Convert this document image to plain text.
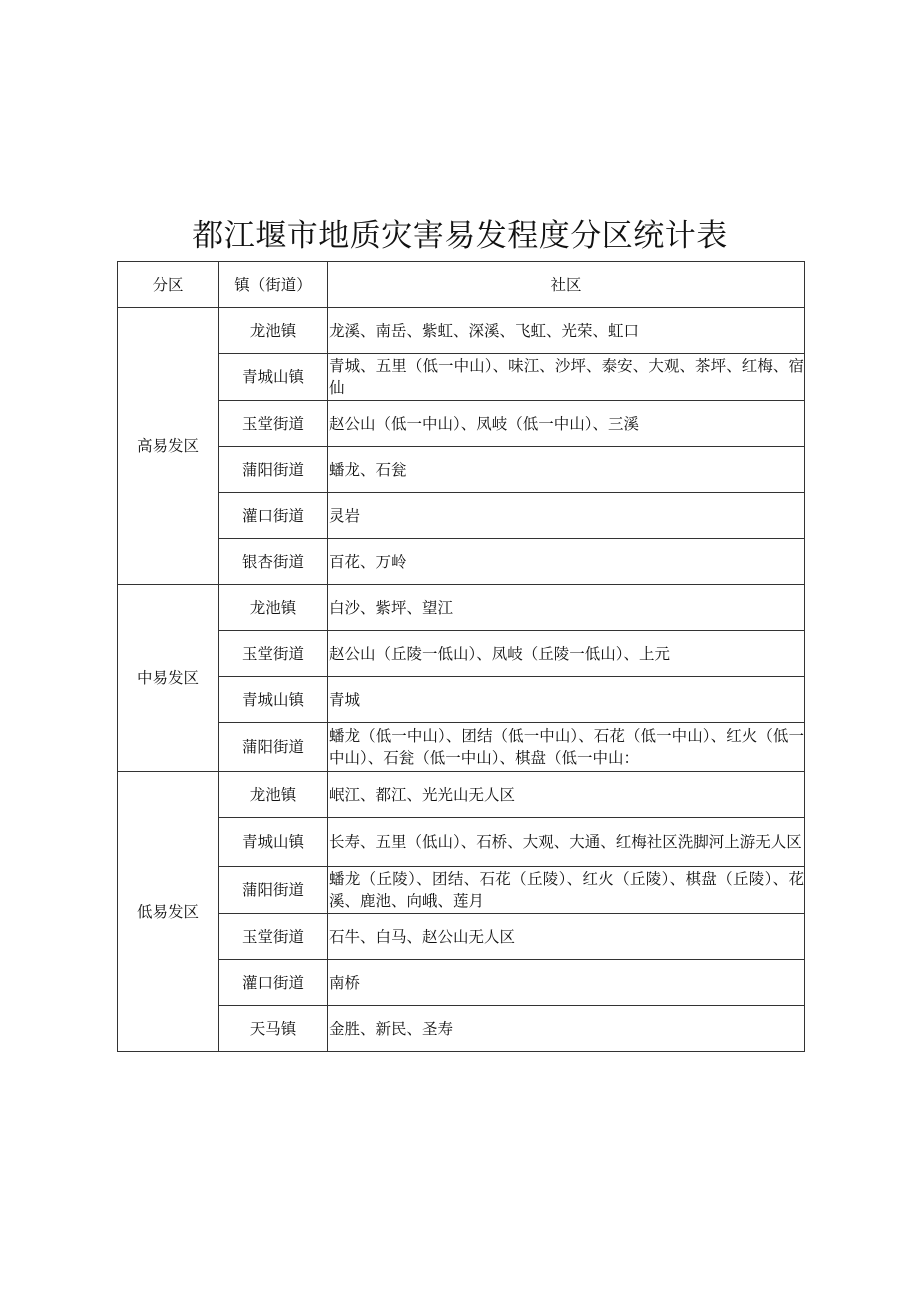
都江堰市地质灾害易发程度分区统计表
分区	镇（街道）	社区
高易发区	龙池镇	龙溪、南岳、紫虹、深溪、飞虹、光荣、虹口

	青城山镇	青城、五里（低一中山）、味江、沙坪、泰安、大观、茶坪、红梅、宿仙

	玉堂街道	赵公山（低一中山）、凤岐（低一中山）、三溪

	蒲阳街道	蟠龙、石瓮

	灌口街道	灵岩

	银杏街道	百花、万岭

中易发区	龙池镇	白沙、紫坪、望江

	玉堂街道	赵公山（丘陵一低山）、凤岐（丘陵一低山）、上元

	青城山镇	青城

	蒲阳街道	蟠龙（低一中山）、团结（低一中山）、石花（低一中山）、红火（低一中山）、石瓮（低一中山）、棋盘（低一中山：

低易发区	龙池镇	岷江、都江、光光山无人区

	青城山镇	长寿、五里（低山）、石桥、大观、大通、红梅社区洗脚河上游无人区

	蒲阳街道	蟠龙（丘陵）、团结、石花（丘陵）、红火（丘陵）、棋盘（丘陵）、花溪、鹿池、向峨、莲月

	玉堂街道	石牛、白马、赵公山无人区

	灌口街道	南桥

	天马镇	金胜、新民、圣寿
